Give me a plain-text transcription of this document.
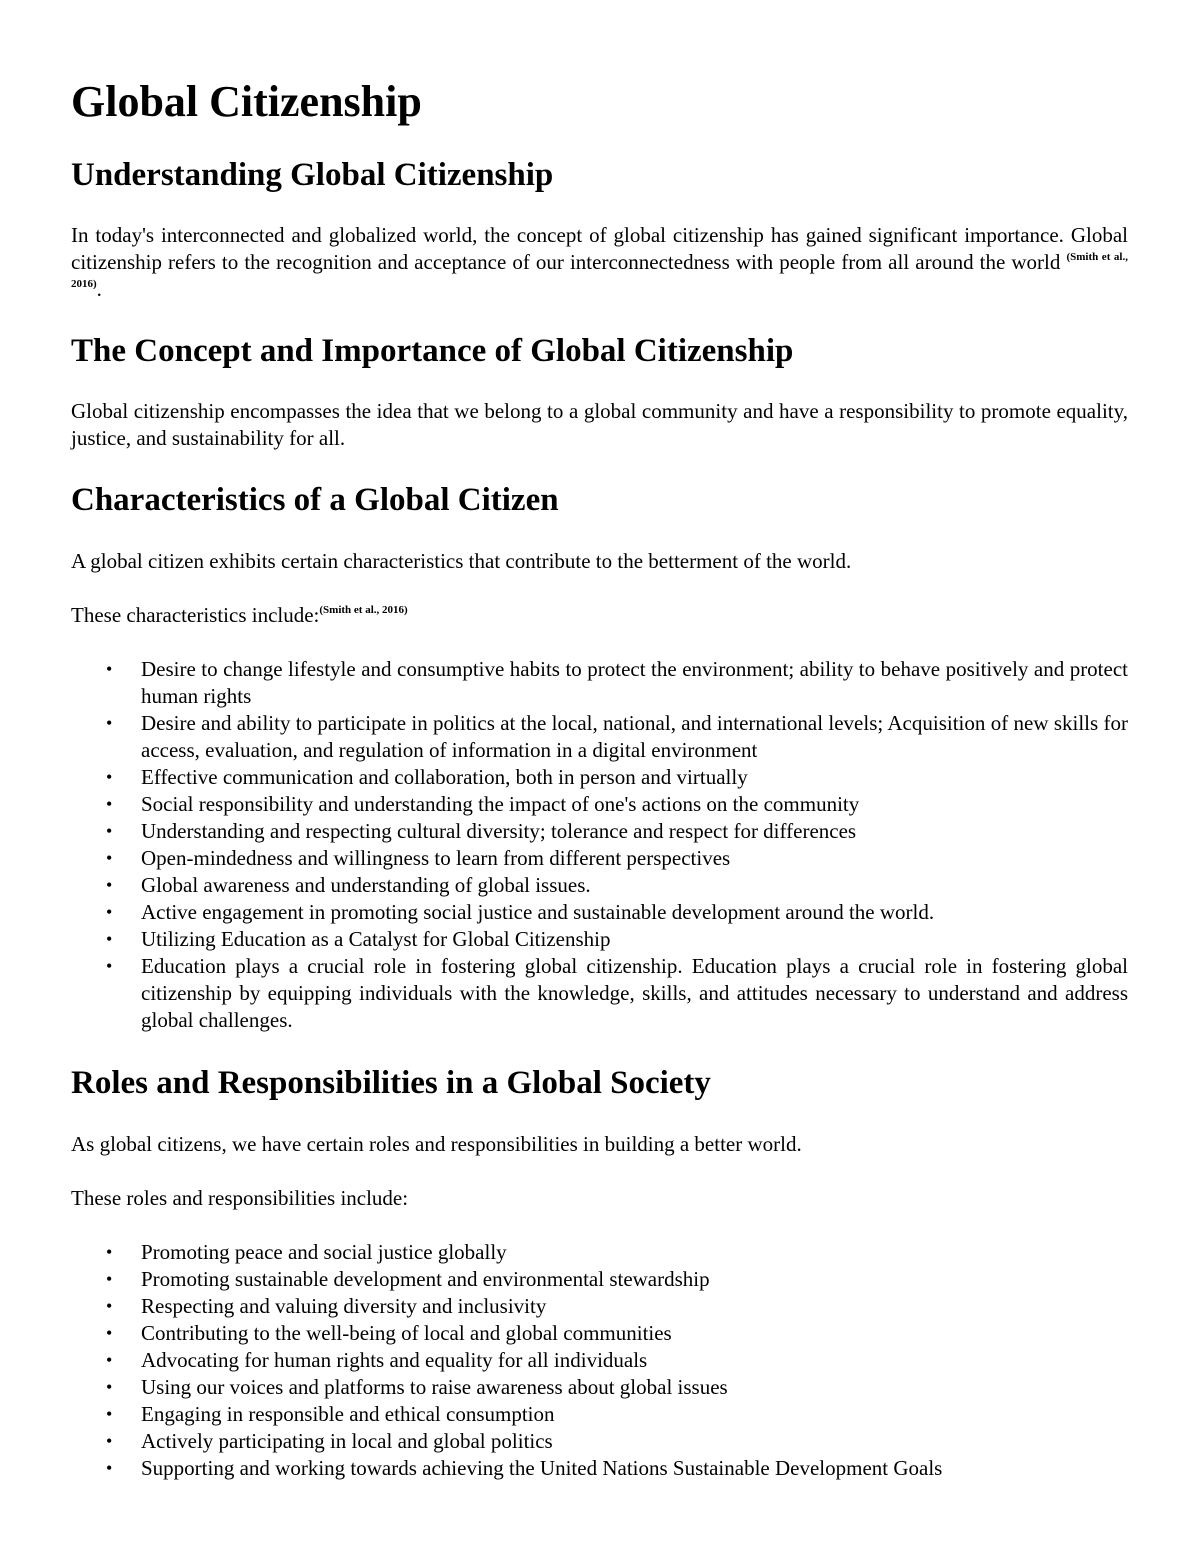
Global Citizenship
Understanding Global Citizenship

In today's interconnected and globalized world, the concept of global citizenship has gained significant importance. Global citizenship refers to the recognition and acceptance of our interconnectedness with people from all around the world $^{(Smith et al., 2016)}$.

The Concept and Importance of Global Citizenship

Global citizenship encompasses the idea that we belong to a global community and have a responsibility to promote equality, justice, and sustainability for all.

Characteristics of a Global Citizen

A global citizen exhibits certain characteristics that contribute to the betterment of the world.

These characteristics include:$^{(Smith et al., 2016)}$

• Desire to change lifestyle and consumptive habits to protect the environment; ability to behave positively and protect human rights
• Desire and ability to participate in politics at the local, national, and international levels; Acquisition of new skills for access, evaluation, and regulation of information in a digital environment
• Effective communication and collaboration, both in person and virtually
• Social responsibility and understanding the impact of one's actions on the community
• Understanding and respecting cultural diversity; tolerance and respect for differences
• Open-mindedness and willingness to learn from different perspectives
• Global awareness and understanding of global issues.
• Active engagement in promoting social justice and sustainable development around the world.
• Utilizing Education as a Catalyst for Global Citizenship
• Education plays a crucial role in fostering global citizenship. Education plays a crucial role in fostering global citizenship by equipping individuals with the knowledge, skills, and attitudes necessary to understand and address global challenges.
Roles and Responsibilities in a Global Society

As global citizens, we have certain roles and responsibilities in building a better world.

These roles and responsibilities include:

• Promoting peace and social justice globally
• Promoting sustainable development and environmental stewardship
• Respecting and valuing diversity and inclusivity
• Contributing to the well-being of local and global communities
• Advocating for human rights and equality for all individuals
• Using our voices and platforms to raise awareness about global issues
• Engaging in responsible and ethical consumption
• Actively participating in local and global politics
• Supporting and working towards achieving the United Nations Sustainable Development Goals
